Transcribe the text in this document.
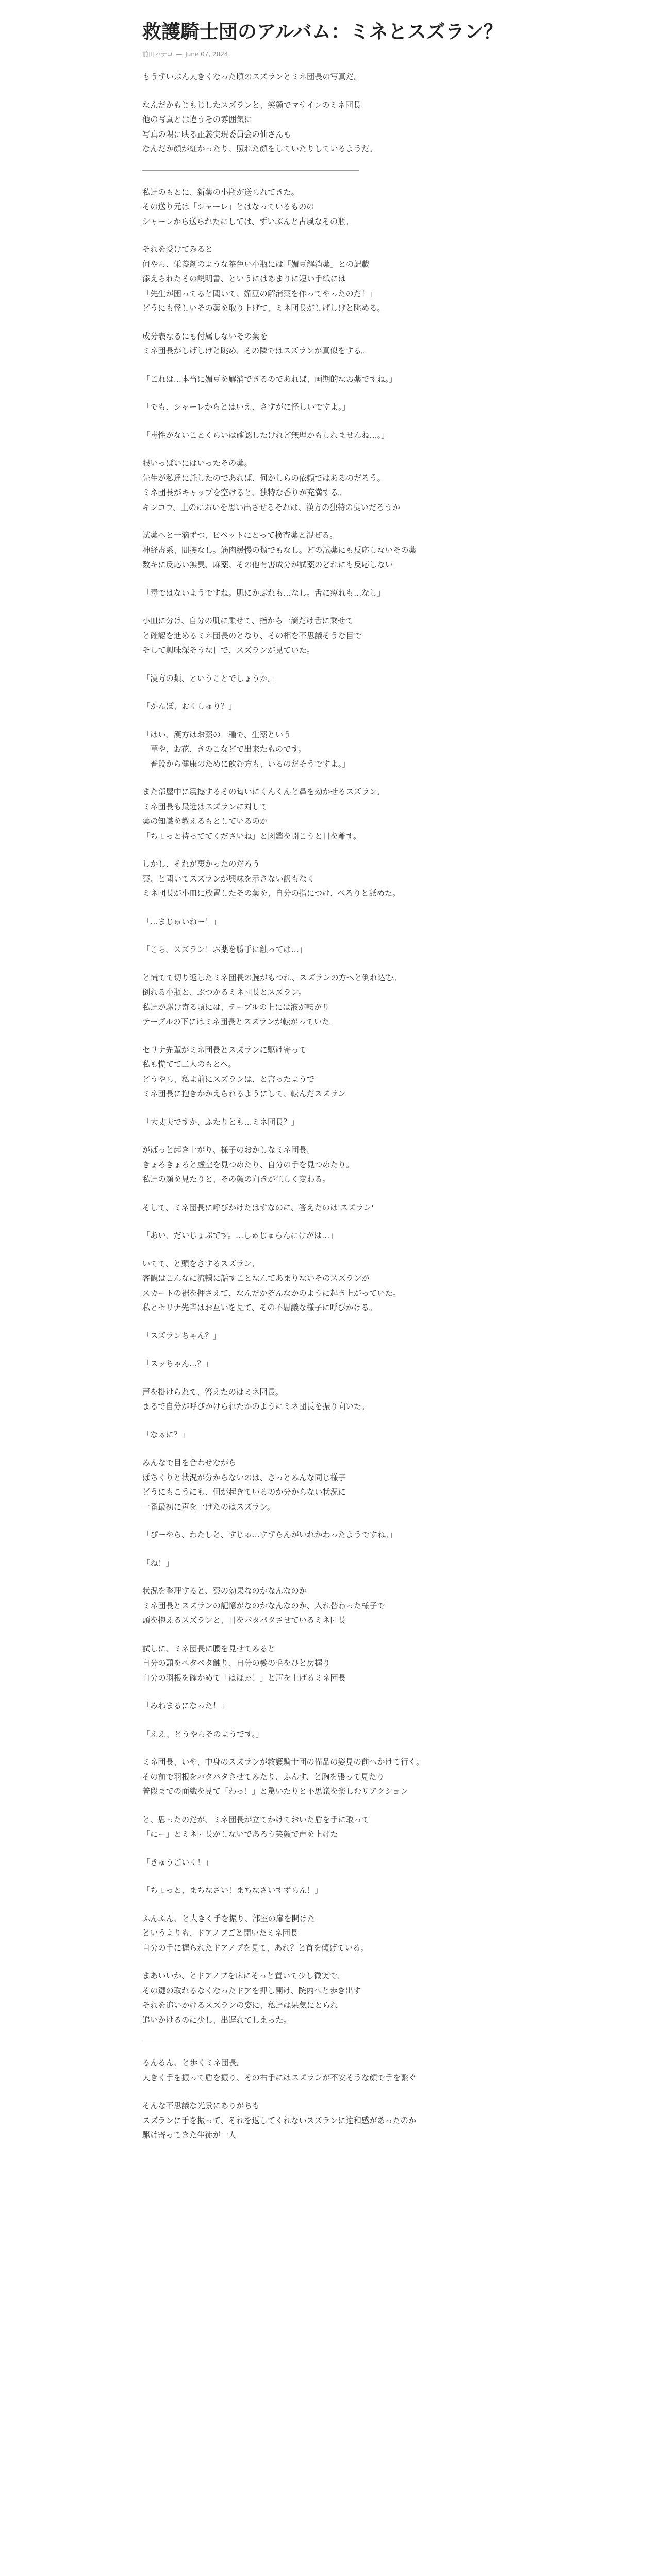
救護騎士団のアルバム：ミネとスズラン？
前田ハナコ — June 07, 2024

もうずいぶん大きくなった頃のスズランとミネ団長の写真だ。

なんだかもじもじしたスズランと、笑顔でマサインのミネ団長
他の写真とは違うその雰囲気に
写真の隅に映る正義実現委員会の仙さんも
なんだか顔が紅かったり、照れた顔をしていたりしているようだ。

私達のもとに、新薬の小瓶が送られてきた。
その送り元は「シャーレ」とはなっているものの
シャーレから送られたにしては、ずいぶんと古風なその瓶。

それを受けてみると
何やら、栄養剤のような茶色い小瓶には「媚豆解消薬」との記載
添えられたその説明書、というにはあまりに短い手紙には
「先生が困ってると聞いて、媚豆の解消薬を作ってやったのだ！」
どうにも怪しいその薬を取り上げて、ミネ団長がしげしげと眺める。

成分表なるにも付属しないその薬を
ミネ団長がしげしげと眺め、その隣ではスズランが真似をする。

「これは…本当に媚豆を解消できるのであれば、画期的なお薬ですね。」

「でも、シャーレからとはいえ、さすがに怪しいですよ。」

「毒性がないことくらいは確認したけれど無理かもしれませんね…。」

眼いっぱいにはいったその薬。
先生が私達に託したのであれば、何かしらの依頼ではあるのだろう。
ミネ団長がキャップを空けると、独特な香りが充満する。
キンコウ、土のにおいを思い出させるそれは、漢方の独特の臭いだろうか

試薬へと一滴ずつ、ピペットにとって検査薬と混ぜる。
神経毒系、間接なし。筋肉緩慢の類でもなし。どの試薬にも反応しないその薬
数キに反応い無臭、麻薬、その他有害成分が試薬のどれにも反応しない

「毒ではないようですね。肌にかぶれも…なし。舌に痺れも…なし」

小皿に分け、自分の肌に乗せて、指から一滴だけ舌に乗せて
と確認を進めるミネ団長のとなり、その相を不思議そうな目で
そして興味深そうな目で、スズランが見ていた。

「漢方の類、ということでしょうか。」

「かんぽ、おくしゅり？」

「はい、漢方はお薬の一種で、生薬という
　草や、お花、きのこなどで出来たものです。
　普段から健康のために飲む方も、いるのだそうですよ。」

また部屋中に震撼するその匂いにくんくんと鼻を効かせるスズラン。
ミネ団長も最近はスズランに対して
薬の知識を教えるもとしているのか
「ちょっと待っててくださいね」と図鑑を開こうと目を離す。

しかし、それが裏かったのだろう
薬、と聞いてスズランが興味を示さない訳もなく
ミネ団長が小皿に放置したその薬を、自分の指につけ、ぺろりと舐めた。

「…まじゅいねー！」

「こら、スズラン！お薬を勝手に触っては…」

と慌てて切り返したミネ団長の腕がもつれ、スズランの方へと倒れ込む。
倒れる小瓶と、ぶつかるミネ団長とスズラン。
私達が駆け寄る頃には、テーブルの上には液が転がり
テーブルの下にはミネ団長とスズランが転がっていた。

セリナ先輩がミネ団長とスズランに駆け寄って
私も慌てて二人のもとへ。
どうやら、私よ前にスズランは、と言ったようで
ミネ団長に抱きかかえられるようにして、転んだスズラン

「大丈夫ですか、ふたりとも…ミネ団長？」

がばっと起き上がり、様子のおかしなミネ団長。
きょろきょろと虚空を見つめたり、自分の手を見つめたり。
私達の顔を見たりと、その顔の向きが忙しく変わる。

そして、ミネ団長に呼びかけたはずなのに、答えたのは'スズラン'

「あい、だいじょぶです。…しゅじゅらんにけがは…」

いてて、と頭をさするスズラン。
客観はこんなに流暢に話すことなんてあまりないそのスズランが
スカートの裾を押さえて、なんだかぞんなかのように起き上がっていた。
私とセリナ先輩はお互いを見て、その不思議な様子に呼びかける。

「スズランちゃん？」

「スッちゃん…？」

声を掛けられて、答えたのはミネ団長。
まるで自分が呼びかけられたかのようにミネ団長を振り向いた。

「なぁに？」

みんなで目を合わせながら
ぱちくりと状況が分からないのは、さっとみんな同じ様子
どうにもこうにも、何が起きているのか分からない状況に
一番最初に声を上げたのはスズラン。

「ぴーやら、わたしと、すじゅ…すずらんがいれかわったようですね。」

「ね！」

状況を整理すると、薬の効果なのかなんなのか
ミネ団長とスズランの記憶がなのかなんなのか、入れ替わった様子で
頭を抱えるスズランと、目をパタパタさせているミネ団長

試しに、ミネ団長に腰を見せてみると
自分の頭をペタペタ触り、自分の髪の毛をひと房握り
自分の羽根を確かめて「はほぉ！」と声を上げるミネ団長

「みねまるになった！」

「ええ、どうやらそのようです。」

ミネ団長、いや、中身のスズランが救護騎士団の備品の姿見の前へかけて行く。
その前で羽根をパタパタさせてみたり、ふんす、と胸を張って見たり
普段までの面繊を見て「わっ！」と驚いたりと不思議を楽しむリアクション

と、思ったのだが、ミネ団長が立てかけておいた盾を手に取って
「にー」とミネ団長がしないであろう笑顔で声を上げた

「きゅうごいく！」

「ちょっと、まちなさい！まちなさいすずらん！」

ふんふん、と大きく手を振り、部室の扉を開けた
というよりも、ドアノブごと開いたミネ団長
自分の手に握られたドアノブを見て、あれ？と首を傾げている。

まあいいか、とドアノブを床にそっと置いて少し微笑で、
その鍵の取れるなくなったドアを押し開け、院内へと歩き出す
それを追いかけるスズランの姿に、私達は呆気にとられ
追いかけるのに少し、出遅れてしまった。

るんるん、と歩くミネ団長。
大きく手を振って盾を振り、その右手にはスズランが不安そうな顔で手を繋ぐ

そんな不思議な光景にありがちも
スズランに手を振って、それを返してくれないスズランに違和感があったのか
駆け寄ってきた生徒が一人
